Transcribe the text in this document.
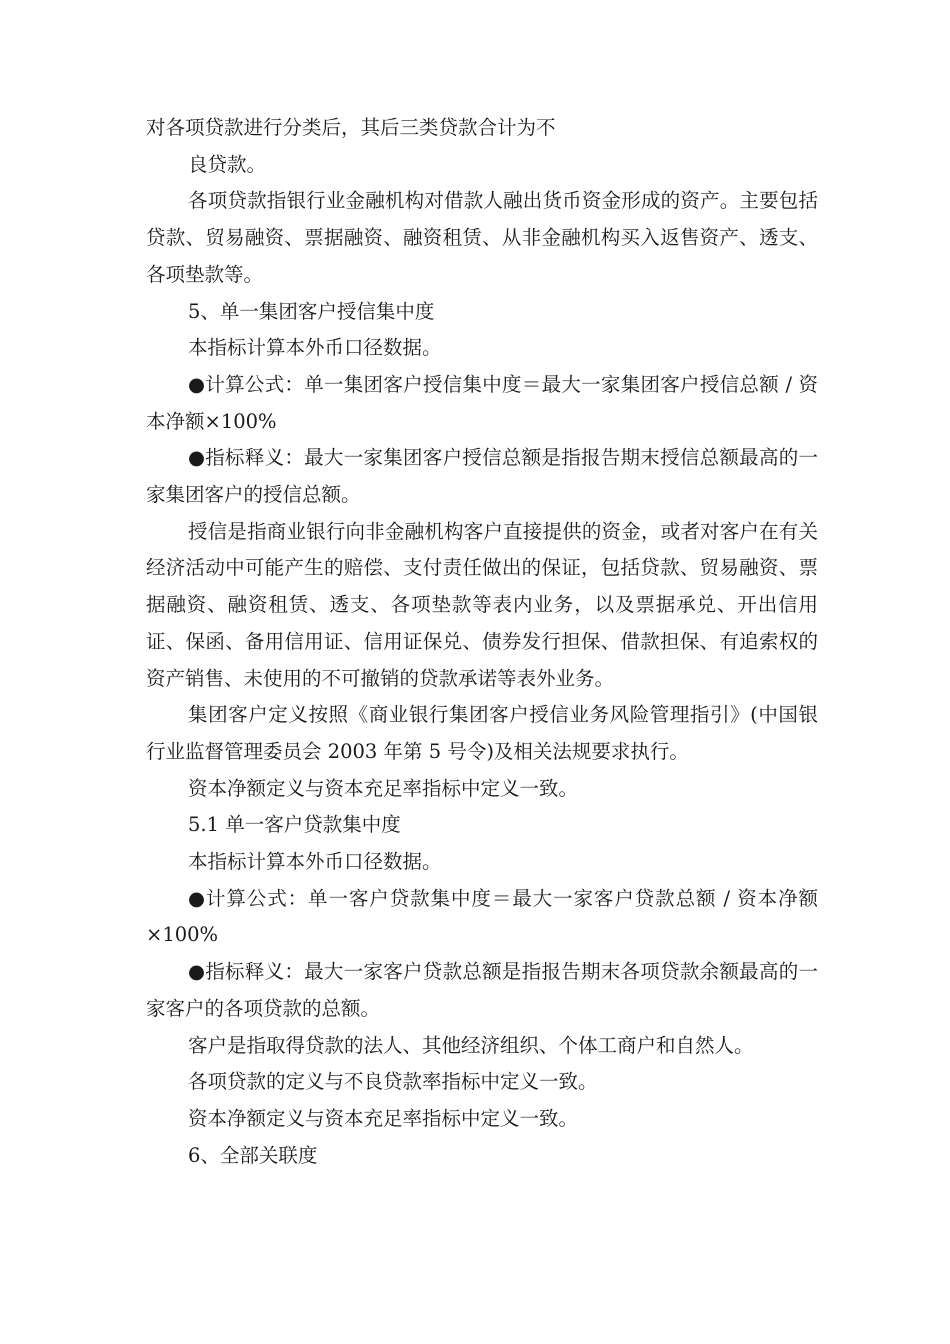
对各项贷款进行分类后，其后三类贷款合计为不

良贷款。

各项贷款指银行业金融机构对借款人融出货币资金形成的资产。主要包括贷款、贸易融资、票据融资、融资租赁、从非金融机构买入返售资产、透支、各项垫款等。

5、单一集团客户授信集中度

本指标计算本外币口径数据。

●计算公式：单一集团客户授信集中度＝最大一家集团客户授信总额 / 资本净额×100%

●指标释义：最大一家集团客户授信总额是指报告期末授信总额最高的一家集团客户的授信总额。

授信是指商业银行向非金融机构客户直接提供的资金，或者对客户在有关经济活动中可能产生的赔偿、支付责任做出的保证，包括贷款、贸易融资、票据融资、融资租赁、透支、各项垫款等表内业务，以及票据承兑、开出信用证、保函、备用信用证、信用证保兑、债券发行担保、借款担保、有追索权的资产销售、未使用的不可撤销的贷款承诺等表外业务。

集团客户定义按照《商业银行集团客户授信业务风险管理指引》(中国银行业监督管理委员会 2003 年第 5 号令)及相关法规要求执行。

资本净额定义与资本充足率指标中定义一致。

5.1 单一客户贷款集中度

本指标计算本外币口径数据。

●计算公式：单一客户贷款集中度＝最大一家客户贷款总额 / 资本净额×100%

●指标释义：最大一家客户贷款总额是指报告期末各项贷款余额最高的一家客户的各项贷款的总额。

客户是指取得贷款的法人、其他经济组织、个体工商户和自然人。

各项贷款的定义与不良贷款率指标中定义一致。

资本净额定义与资本充足率指标中定义一致。

6、全部关联度
